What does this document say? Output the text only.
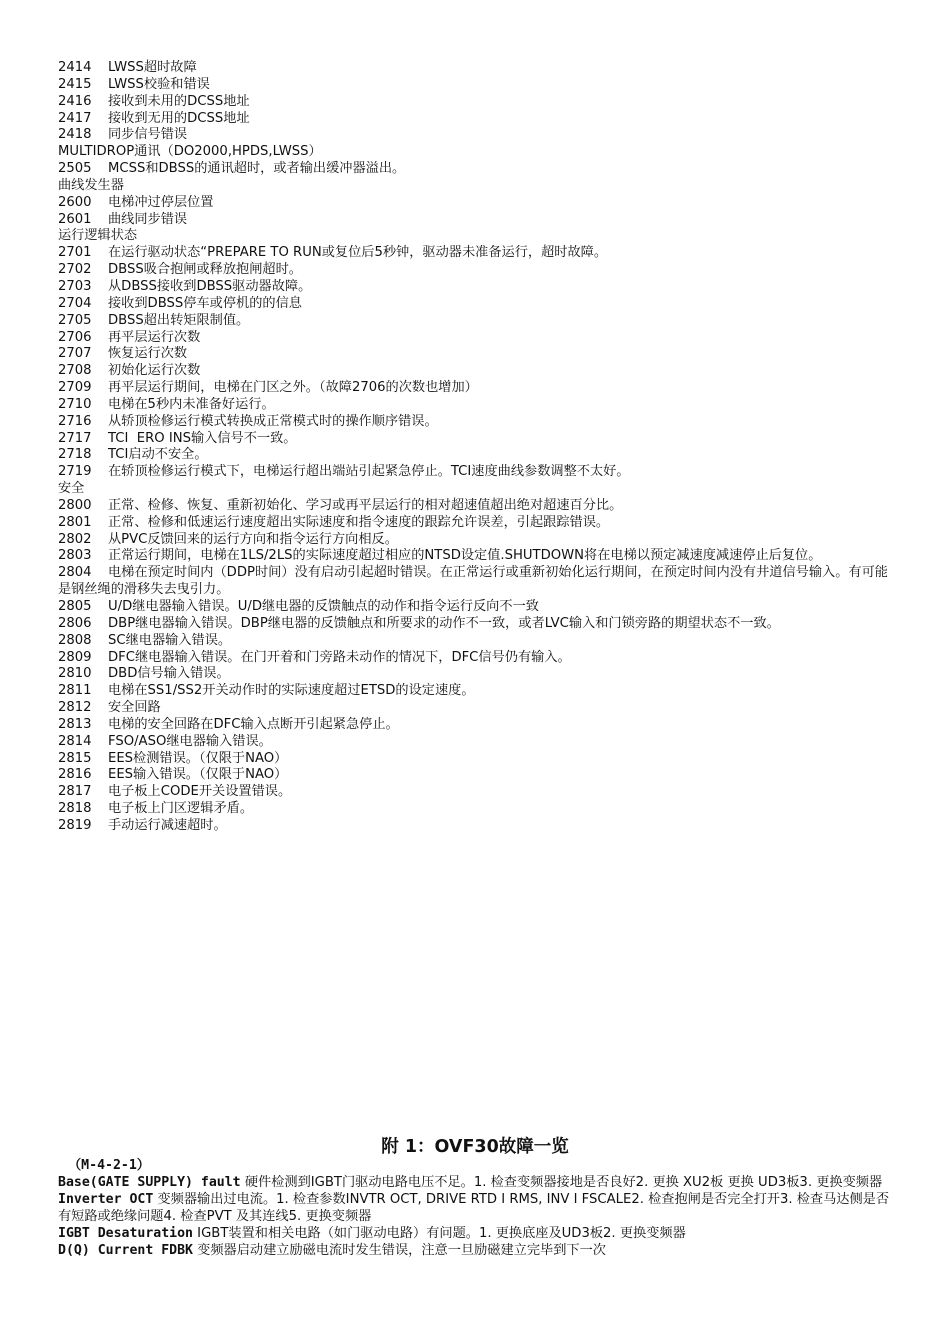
2414 LWSS超时故障
2415 LWSS校验和错误
2416 接收到未用的DCSS地址
2417 接收到无用的DCSS地址
2418 同步信号错误
MULTIDROP通讯（DO2000,HPDS,LWSS）
2505 MCSS和DBSS的通讯超时，或者输出缓冲器溢出。
曲线发生器
2600 电梯冲过停层位置
2601 曲线同步错误
运行逻辑状态
2701 在运行驱动状态“PREPARE TO RUN或复位后5秒钟，驱动器未准备运行，超时故障。
2702 DBSS吸合抱闸或释放抱闸超时。
2703 从DBSS接收到DBSS驱动器故障。
2704 接收到DBSS停车或停机的的信息
2705 DBSS超出转矩限制值。
2706 再平层运行次数
2707 恢复运行次数
2708 初始化运行次数
2709 再平层运行期间，电梯在门区之外。（故障2706的次数也增加）
2710 电梯在5秒内未准备好运行。
2716 从轿顶检修运行模式转换成正常模式时的操作顺序错误。
2717 TCI  ERO INS输入信号不一致。
2718 TCI启动不安全。
2719 在轿顶检修运行模式下，电梯运行超出端站引起紧急停止。TCI速度曲线参数调整不太好。
安全
2800 正常、检修、恢复、重新初始化、学习或再平层运行的相对超速值超出绝对超速百分比。
2801 正常、检修和低速运行速度超出实际速度和指令速度的跟踪允许误差，引起跟踪错误。
2802 从PVC反馈回来的运行方向和指令运行方向相反。
2803 正常运行期间，电梯在1LS/2LS的实际速度超过相应的NTSD设定值.SHUTDOWN将在电梯以预定减速度减速停止后复位。
2804 电梯在预定时间内（DDP时间）没有启动引起超时错误。在正常运行或重新初始化运行期间，在预定时间内没有井道信号输入。有可能是钢丝绳的滑移失去曳引力。
2805 U/D继电器输入错误。U/D继电器的反馈触点的动作和指令运行反向不一致
2806 DBP继电器输入错误。DBP继电器的反馈触点和所要求的动作不一致，或者LVC输入和门锁旁路的期望状态不一致。
2808 SC继电器输入错误。
2809 DFC继电器输入错误。在门开着和门旁路未动作的情况下，DFC信号仍有输入。
2810 DBD信号输入错误。
2811 电梯在SS1/SS2开关动作时的实际速度超过ETSD的设定速度。
2812 安全回路
2813 电梯的安全回路在DFC输入点断开引起紧急停止。
2814 FSO/ASO继电器输入错误。
2815 EES检测错误。（仅限于NAO）
2816 EES输入错误。（仅限于NAO）
2817 电子板上CODE开关设置错误。
2818 电子板上门区逻辑矛盾。
2819 手动运行减速超时。
附 1：OVF30故障一览
（M-4-2-1）
Base(GATE SUPPLY) fault 硬件检测到IGBT门驱动电路电压不足。1. 检查变频器接地是否良好2. 更换 XU2板 更换 UD3板3. 更换变频器
Inverter OCT 变频器输出过电流。1. 检查参数INVTR OCT, DRIVE RTD I RMS, INV I FSCALE2. 检查抱闸是否完全打开3. 检查马达侧是否有短路或绝缘问题4. 检查PVT 及其连线5. 更换变频器
IGBT Desaturation IGBT装置和相关电路（如门驱动电路）有问题。1. 更换底座及UD3板2. 更换变频器
D(Q) Current FDBK 变频器启动建立励磁电流时发生错误，注意一旦励磁建立完毕到下一次
